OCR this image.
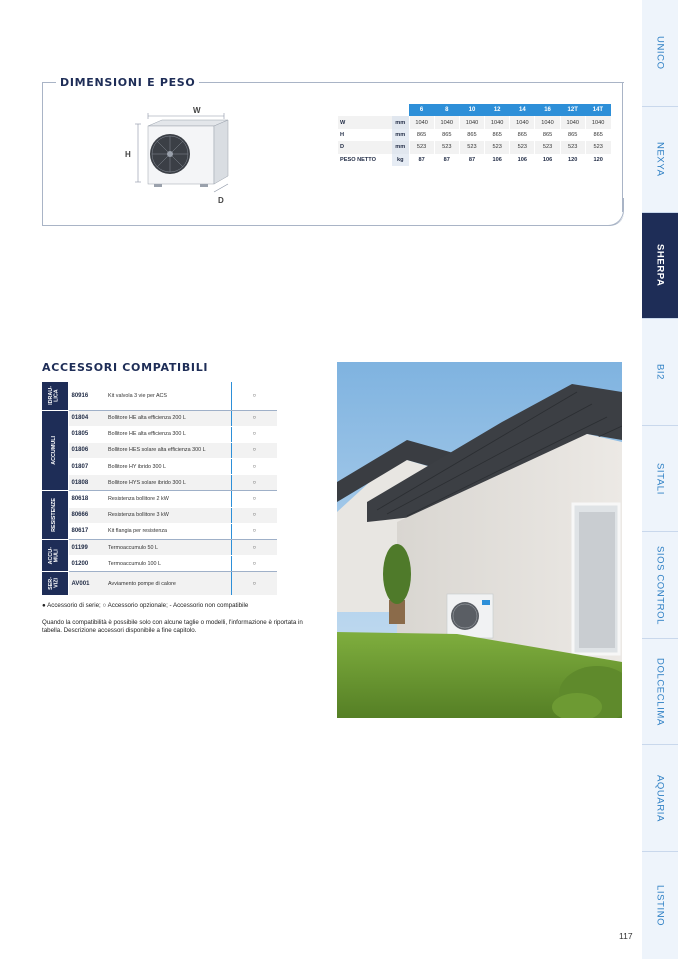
UNICO
NEXYA
SHERPA
BI2
SITALI
SIOS CONTROL
DOLCECLIMA
AQUARIA
LISTINO
DIMENSIONI E PESO
W
H
D
		6	8	10	12	14	16	12T	14T
W	mm	1040	1040	1040	1040	1040	1040	1040	1040
H	mm	865	865	865	865	865	865	865	865
D	mm	523	523	523	523	523	523	523	523
PESO NETTO	kg	87	87	87	106	106	106	120	120
ACCESSORI COMPATIBILI
IDRAU-
LICA	80916	Kit valvola 3 vie per ACS	○

ACCUMULI	01804	Bollitore HE alta efficienza 200 L	○
	01805	Bollitore HE alta efficienza 300 L	○
	01806	Bollitore HES solare alta efficienza 300 L	○
	01807	Bollitore HY ibrido 300 L	○
	01808	Bollitore HYS solare ibrido 300 L	○

RESISTENZE	80618	Resistenza bollitore 2 kW	○
	80666	Resistenza bollitore 3 kW	○
	80617	Kit flangia per resistenza	○

ACCU-
MULI	01199	Termoaccumulo 50 L	○
	01200	Termoaccumulo 100 L	○

SER-
VIZI	AV001	Avviamento pompe di calore	○
● Accessorio di serie; ○ Accessorio opzionale; - Accessorio non compatibile
Quando la compatibilità è possibile solo con alcune taglie o modelli, l'informazione è riportata in tabella. Descrizione accessori disponibile a fine capitolo.
117
